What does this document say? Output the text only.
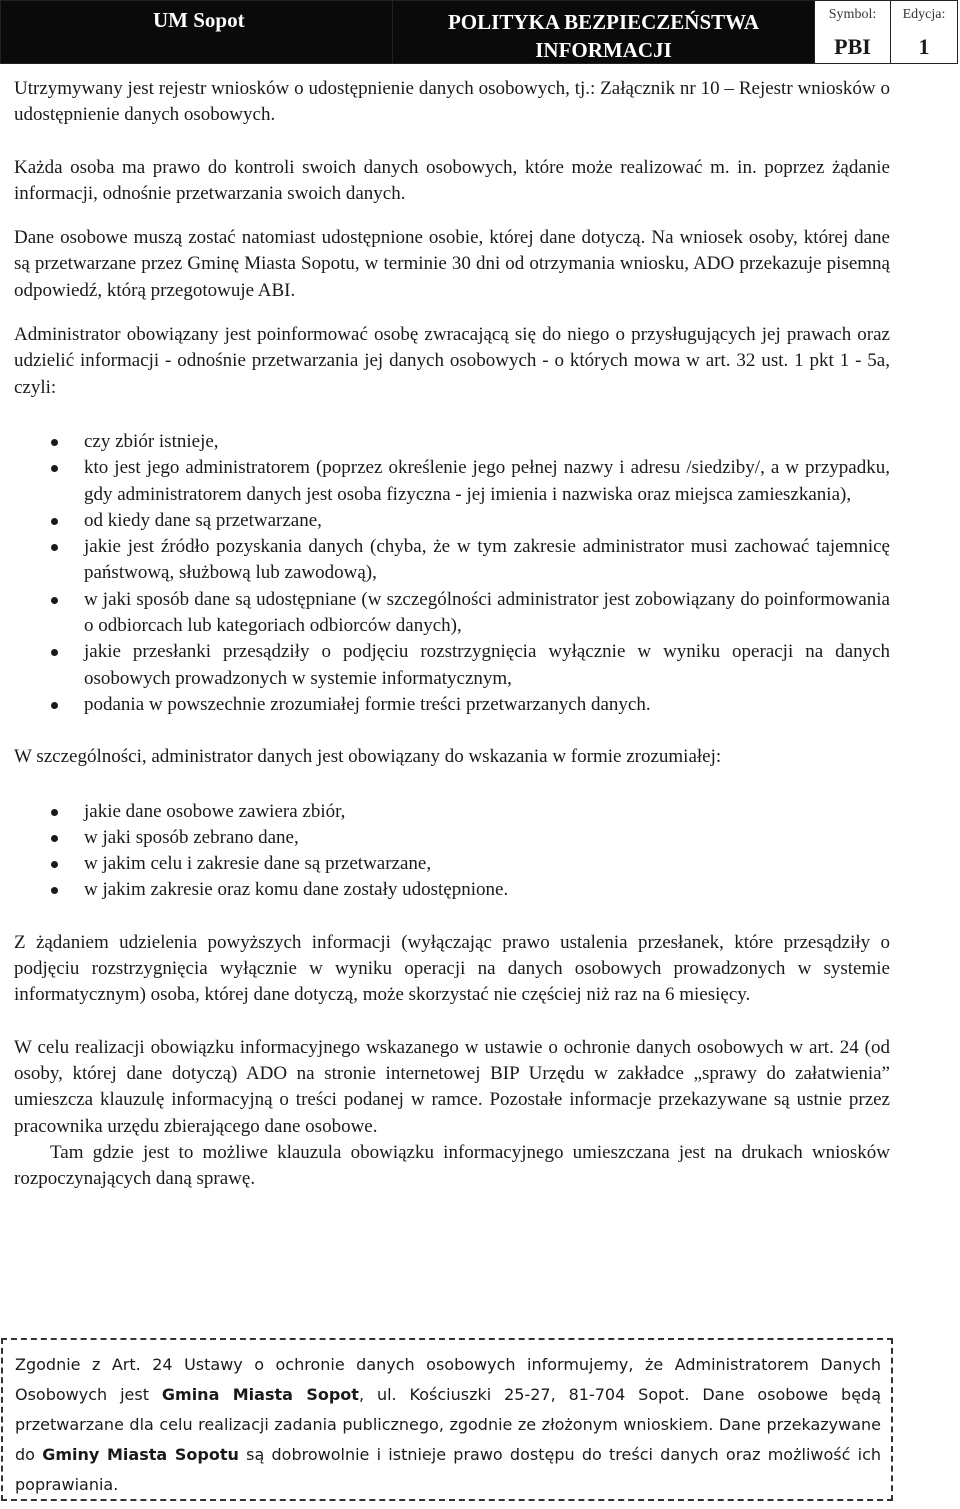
UM Sopot	POLITYKA BEZPIECZEŃSTWA
INFORMACJI
Symbol:
PBI
Edycja:
1

Utrzymywany jest rejestr wniosków o udostępnienie danych osobowych, tj.: Załącznik nr 10 – Rejestr wniosków o udostępnienie danych osobowych.

Każda osoba ma prawo do kontroli swoich danych osobowych, które może realizować m. in. poprzez żądanie informacji, odnośnie przetwarzania swoich danych.

Dane osobowe muszą zostać natomiast udostępnione osobie, której dane dotyczą. Na wniosek osoby, której dane są przetwarzane przez Gminę Miasta Sopotu, w terminie 30 dni od otrzymania wniosku, ADO przekazuje pisemną odpowiedź, którą przegotowuje ABI.

Administrator obowiązany jest poinformować osobę zwracającą się do niego o przysługujących jej prawach oraz udzielić informacji - odnośnie przetwarzania jej danych osobowych - o których mowa w art. 32 ust. 1 pkt 1 - 5a, czyli:

czy zbiór istnieje,
kto jest jego administratorem (poprzez określenie jego pełnej nazwy i adresu /siedziby/, a w przypadku, gdy administratorem danych jest osoba fizyczna - jej imienia i nazwiska oraz miejsca zamieszkania),
od kiedy dane są przetwarzane,
jakie jest źródło pozyskania danych (chyba, że w tym zakresie administrator musi zachować tajemnicę państwową, służbową lub zawodową),
w jaki sposób dane są udostępniane (w szczególności administrator jest zobowiązany do poinformowania o odbiorcach lub kategoriach odbiorców danych),
jakie przesłanki przesądziły o podjęciu rozstrzygnięcia wyłącznie w wyniku operacji na danych osobowych prowadzonych w systemie informatycznym,
podania w powszechnie zrozumiałej formie treści przetwarzanych danych.

W szczególności, administrator danych jest obowiązany do wskazania w formie zrozumiałej:

jakie dane osobowe zawiera zbiór,
w jaki sposób zebrano dane,
w jakim celu i zakresie dane są przetwarzane,
w jakim zakresie oraz komu dane zostały udostępnione.

Z żądaniem udzielenia powyższych informacji (wyłączając prawo ustalenia przesłanek, które przesądziły o podjęciu rozstrzygnięcia wyłącznie w wyniku operacji na danych osobowych prowadzonych w systemie informatycznym) osoba, której dane dotyczą, może skorzystać nie częściej niż raz na 6 miesięcy.

W celu realizacji obowiązku informacyjnego wskazanego w ustawie o ochronie danych osobowych w art. 24 (od osoby, której dane dotyczą) ADO na stronie internetowej BIP Urzędu w zakładce „sprawy do załatwienia” umieszcza klauzulę informacyjną o treści podanej w ramce. Pozostałe informacje przekazywane są ustnie przez pracownika urzędu zbierającego dane osobowe.

Tam gdzie jest to możliwe klauzula obowiązku informacyjnego umieszczana jest na drukach wniosków rozpoczynających daną sprawę.

Zgodnie z Art. 24 Ustawy o ochronie danych osobowych informujemy, że Administratorem Danych Osobowych jest Gmina Miasta Sopot, ul. Kościuszki 25-27, 81-704 Sopot. Dane osobowe będą przetwarzane dla celu realizacji zadania publicznego, zgodnie ze złożonym wnioskiem. Dane przekazywane do Gminy Miasta Sopotu są dobrowolnie i istnieje prawo dostępu do treści danych oraz możliwość ich poprawiania.
